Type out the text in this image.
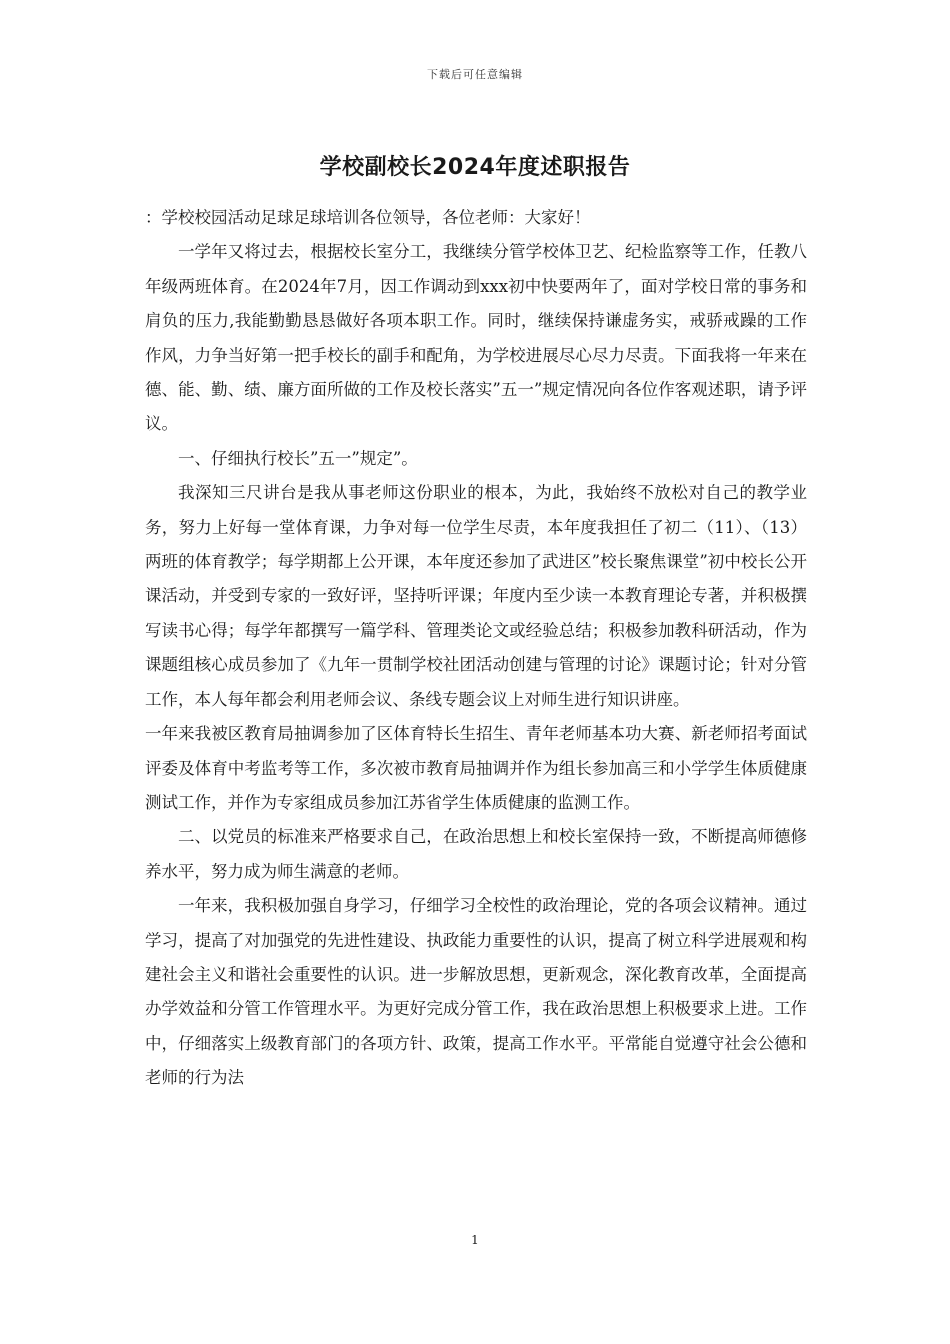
下载后可任意编辑
学校副校长2024年度述职报告

：学校校园活动足球足球培训各位领导，各位老师：大家好！

一学年又将过去，根据校长室分工，我继续分管学校体卫艺、纪检监察等工作，任教八年级两班体育。在2024年7月，因工作调动到xxx初中快要两年了，面对学校日常的事务和肩负的压力,我能勤勤恳恳做好各项本职工作。同时，继续保持谦虚务实，戒骄戒躁的工作作风，力争当好第一把手校长的副手和配角，为学校进展尽心尽力尽责。下面我将一年来在德、能、勤、绩、廉方面所做的工作及校长落实”五一”规定情况向各位作客观述职，请予评议。

一、仔细执行校长”五一”规定”。

我深知三尺讲台是我从事老师这份职业的根本，为此，我始终不放松对自己的教学业务，努力上好每一堂体育课，力争对每一位学生尽责，本年度我担任了初二（11）、（13）两班的体育教学；每学期都上公开课，本年度还参加了武进区”校长聚焦课堂”初中校长公开课活动，并受到专家的一致好评，坚持听评课；年度内至少读一本教育理论专著，并积极撰写读书心得；每学年都撰写一篇学科、管理类论文或经验总结；积极参加教科研活动，作为课题组核心成员参加了《九年一贯制学校社团活动创建与管理的讨论》课题讨论；针对分管工作，本人每年都会利用老师会议、条线专题会议上对师生进行知识讲座。

一年来我被区教育局抽调参加了区体育特长生招生、青年老师基本功大赛、新老师招考面试评委及体育中考监考等工作，多次被市教育局抽调并作为组长参加高三和小学学生体质健康测试工作，并作为专家组成员参加江苏省学生体质健康的监测工作。

二、以党员的标准来严格要求自己，在政治思想上和校长室保持一致，不断提高师德修养水平，努力成为师生满意的老师。

一年来，我积极加强自身学习，仔细学习全校性的政治理论，党的各项会议精神。通过学习，提高了对加强党的先进性建设、执政能力重要性的认识，提高了树立科学进展观和构建社会主义和谐社会重要性的认识。进一步解放思想，更新观念，深化教育改革，全面提高办学效益和分管工作管理水平。为更好完成分管工作，我在政治思想上积极要求上进。工作中，仔细落实上级教育部门的各项方针、政策，提高工作水平。平常能自觉遵守社会公德和老师的行为法

1
